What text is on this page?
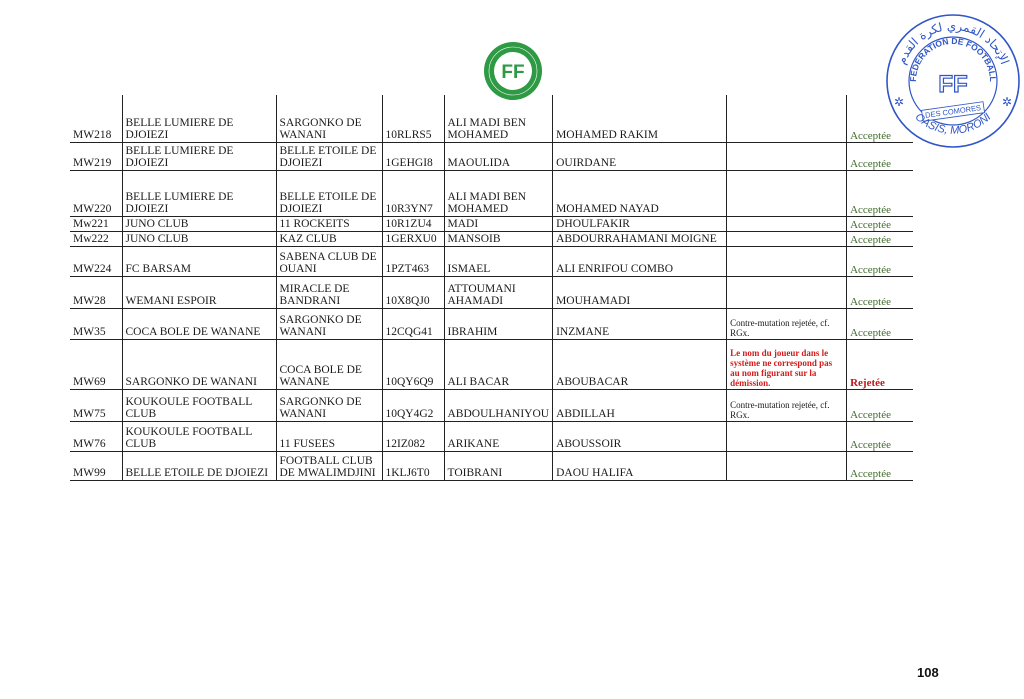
FF
الإتحاد القمري لكرة القدم
FÉDÉRATION DE FOOTBALL
FF
DES COMORES
OASIS, MORONI
✲	✲
MW218	BELLE LUMIERE DE DJOIEZI	SARGONKO DE WANANI	10RLRS5	ALI MADI BEN MOHAMED	MOHAMED RAKIM		Acceptée
MW219	BELLE LUMIERE DE DJOIEZI	BELLE ETOILE DE DJOIEZI	1GEHGI8	MAOULIDA	OUIRDANE		Acceptée
MW220	BELLE LUMIERE DE DJOIEZI	BELLE ETOILE DE DJOIEZI	10R3YN7	ALI MADI BEN MOHAMED	MOHAMED NAYAD		Acceptée
Mw221	JUNO CLUB	11 ROCKEITS	10R1ZU4	MADI	DHOULFAKIR		Acceptée
Mw222	JUNO CLUB	KAZ CLUB	1GERXU0	MANSOIB	ABDOURRAHAMANI MOIGNE		Acceptée
MW224	FC BARSAM	SABENA CLUB DE OUANI	1PZT463	ISMAEL	ALI ENRIFOU COMBO		Acceptée
MW28	WEMANI ESPOIR	MIRACLE DE BANDRANI	10X8QJ0	ATTOUMANI AHAMADI	MOUHAMADI		Acceptée
MW35	COCA BOLE DE WANANE	SARGONKO DE WANANI	12CQG41	IBRAHIM	INZMANE	Contre-mutation rejetée, cf. RGx.	Acceptée
MW69	SARGONKO DE WANANI	COCA BOLE DE WANANE	10QY6Q9	ALI BACAR	ABOUBACAR	Le nom du joueur dans le système ne correspond pas au nom figurant sur la démission.	Rejetée
MW75	KOUKOULE FOOTBALL CLUB	SARGONKO DE WANANI	10QY4G2	ABDOULHANIYOU	ABDILLAH	Contre-mutation rejetée, cf. RGx.	Acceptée
MW76	KOUKOULE FOOTBALL CLUB	11 FUSEES	12IZ082	ARIKANE	ABOUSSOIR		Acceptée
MW99	BELLE ETOILE DE DJOIEZI	FOOTBALL CLUB DE MWALIMDJINI	1KLJ6T0	TOIBRANI	DAOU HALIFA		Acceptée
108
